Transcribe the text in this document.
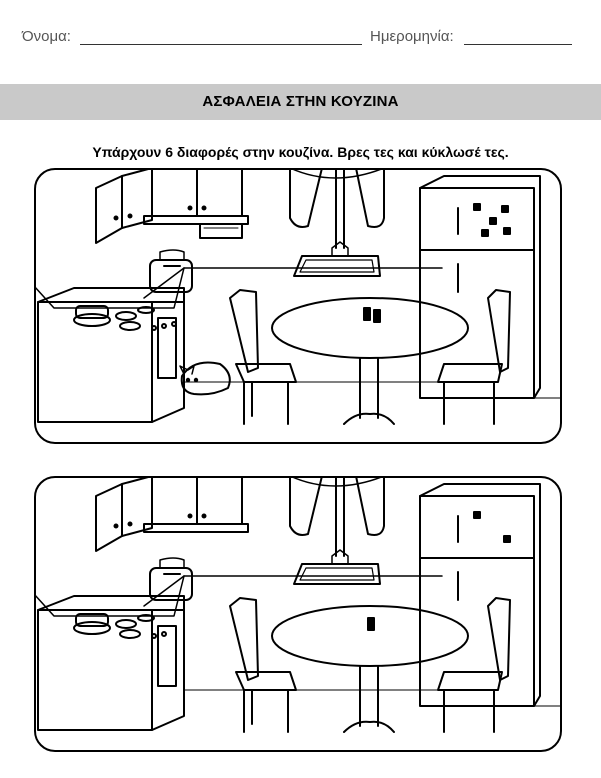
Όνομα:	Ημερομηνία:
ΑΣΦΑΛΕΙΑ ΣΤΗΝ ΚΟΥΖΙΝΑ
Υπάρχουν 6 διαφορές στην κουζίνα. Βρες τες και κύκλωσέ τες.
